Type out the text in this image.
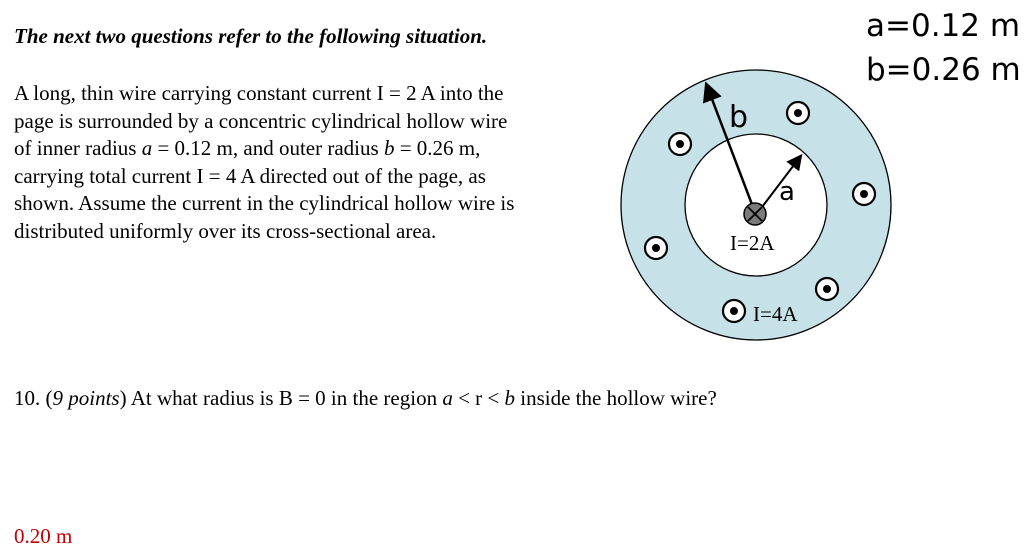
The next two questions refer to the following situation.
A long, thin wire carrying constant current I = 2 A into the
page is surrounded by a concentric cylindrical hollow wire
of inner radius a = 0.12 m, and outer radius b = 0.26 m,
carrying total current I = 4 A directed out of the page, as
shown. Assume the current in the cylindrical hollow wire is
distributed uniformly over its cross-sectional area.
b
a
I=2A
I=4A
a=0.12 m
b=0.26 m
10. (9 points) At what radius is B = 0 in the region a < r < b inside the hollow wire?
0.20 m
